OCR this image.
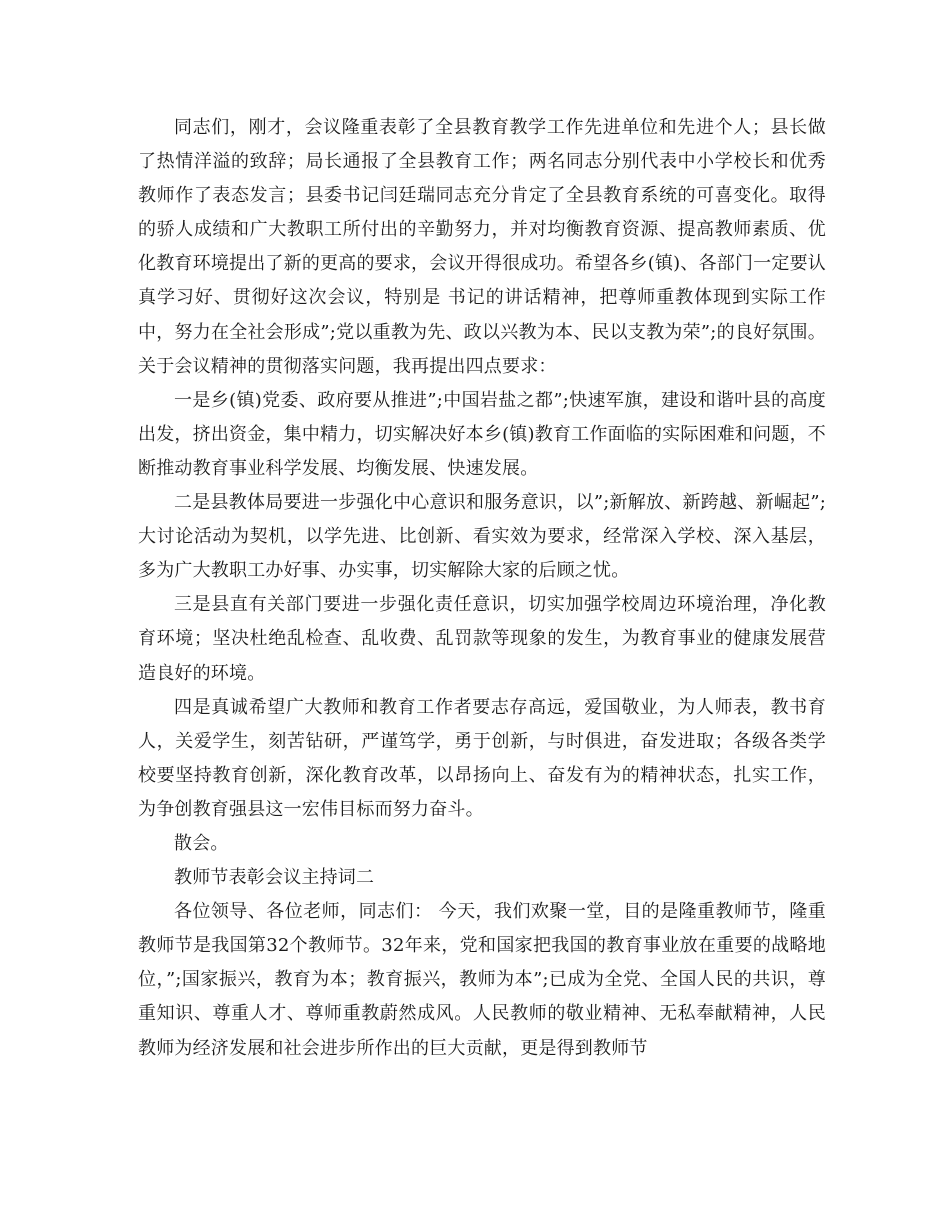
同志们，刚才，会议隆重表彰了全县教育教学工作先进单位和先进个人；县长做了热情洋溢的致辞；局长通报了全县教育工作；两名同志分别代表中小学校长和优秀教师作了表态发言；县委书记闫廷瑞同志充分肯定了全县教育系统的可喜变化。取得的骄人成绩和广大教职工所付出的辛勤努力，并对均衡教育资源、提高教师素质、优化教育环境提出了新的更高的要求，会议开得很成功。希望各乡(镇)、各部门一定要认真学习好、贯彻好这次会议，特别是 书记的讲话精神，把尊师重教体现到实际工作中，努力在全社会形成”;党以重教为先、政以兴教为本、民以支教为荣”;的良好氛围。关于会议精神的贯彻落实问题，我再提出四点要求：

一是乡(镇)党委、政府要从推进”;中国岩盐之都”;快速军旗，建设和谐叶县的高度出发，挤出资金，集中精力，切实解决好本乡(镇)教育工作面临的实际困难和问题，不断推动教育事业科学发展、均衡发展、快速发展。

二是县教体局要进一步强化中心意识和服务意识，以”;新解放、新跨越、新崛起”;大讨论活动为契机，以学先进、比创新、看实效为要求，经常深入学校、深入基层，多为广大教职工办好事、办实事，切实解除大家的后顾之忧。

三是县直有关部门要进一步强化责任意识，切实加强学校周边环境治理，净化教育环境；坚决杜绝乱检查、乱收费、乱罚款等现象的发生，为教育事业的健康发展营造良好的环境。

四是真诚希望广大教师和教育工作者要志存高远，爱国敬业，为人师表，教书育人，关爱学生，刻苦钻研，严谨笃学，勇于创新，与时俱进，奋发进取；各级各类学校要坚持教育创新，深化教育改革，以昂扬向上、奋发有为的精神状态，扎实工作，为争创教育强县这一宏伟目标而努力奋斗。

散会。

教师节表彰会议主持词二

各位领导、各位老师，同志们： 今天，我们欢聚一堂，目的是隆重教师节，隆重教师节是我国第32个教师节。32年来，党和国家把我国的教育事业放在重要的战略地位，”;国家振兴，教育为本；教育振兴，教师为本”;已成为全党、全国人民的共识，尊重知识、尊重人才、尊师重教蔚然成风。人民教师的敬业精神、无私奉献精神，人民教师为经济发展和社会进步所作出的巨大贡献，更是得到教师节
